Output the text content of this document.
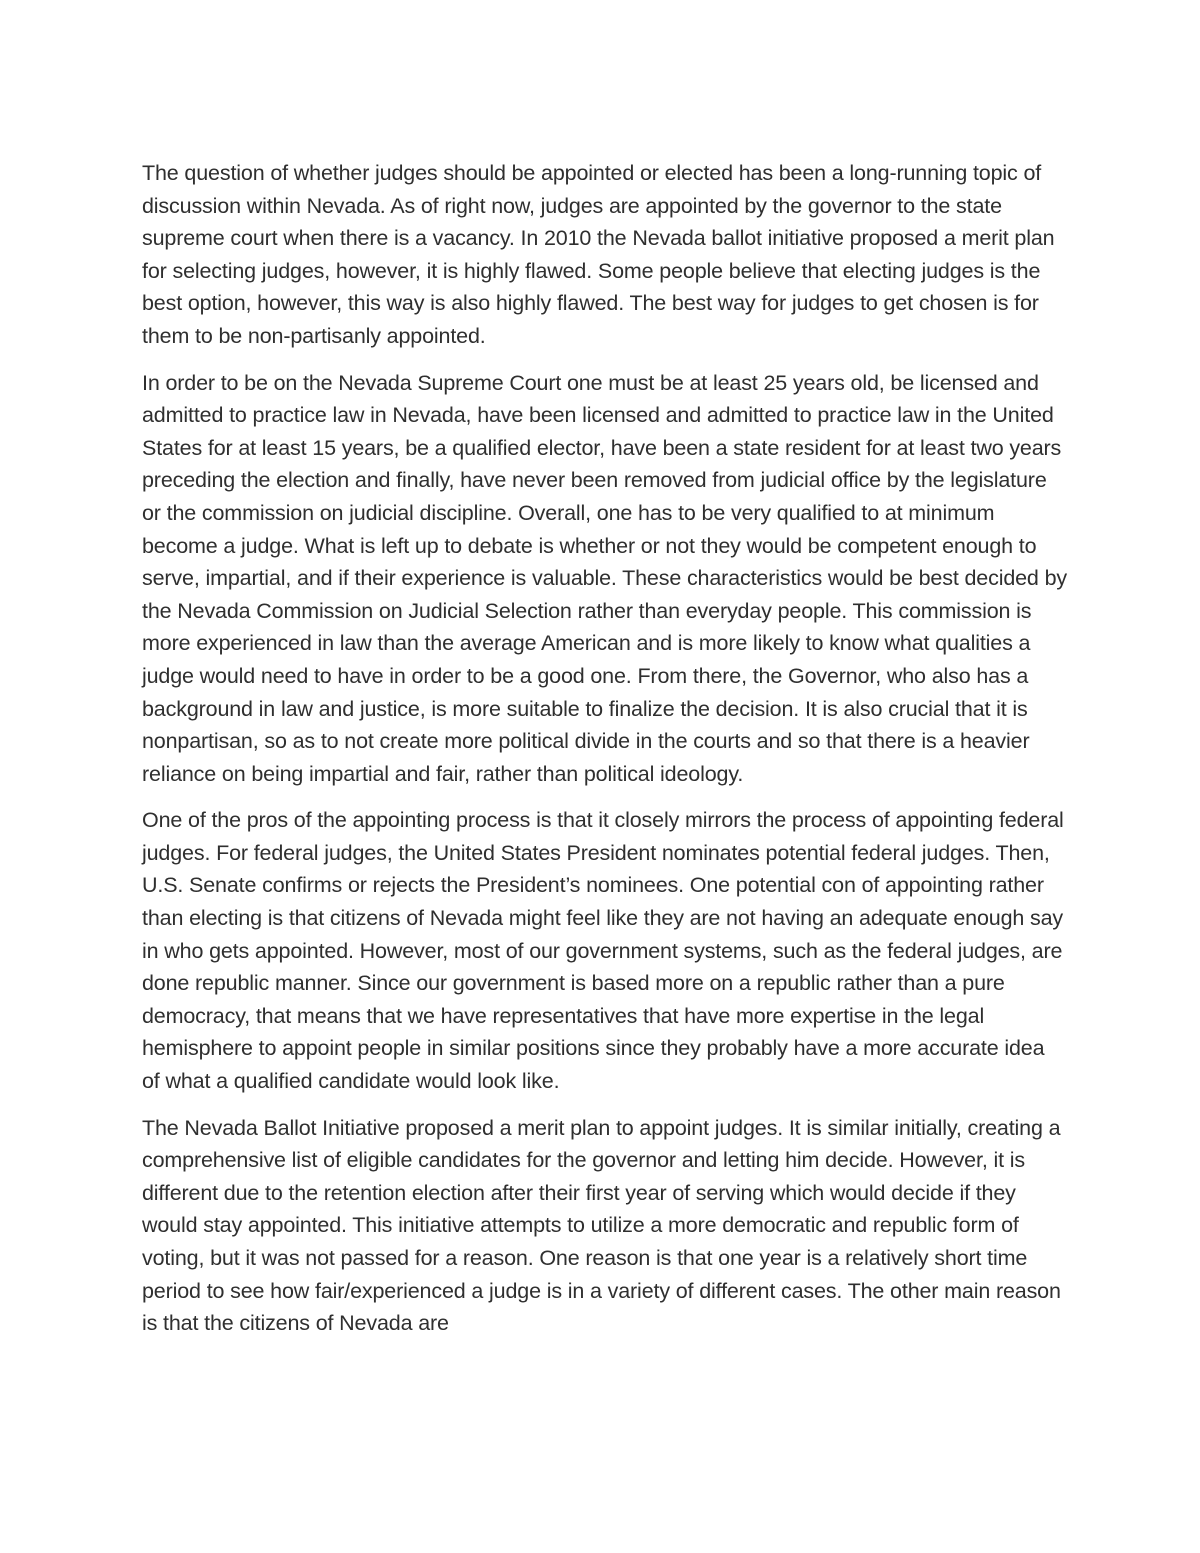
The question of whether judges should be appointed or elected has been a long-running topic of discussion within Nevada. As of right now, judges are appointed by the governor to the state supreme court when there is a vacancy. In 2010 the Nevada ballot initiative proposed a merit plan for selecting judges, however, it is highly flawed. Some people believe that electing judges is the best option, however, this way is also highly flawed. The best way for judges to get chosen is for them to be non-partisanly appointed.

In order to be on the Nevada Supreme Court one must be at least 25 years old, be licensed and admitted to practice law in Nevada, have been licensed and admitted to practice law in the United States for at least 15 years, be a qualified elector, have been a state resident for at least two years preceding the election and finally, have never been removed from judicial office by the legislature or the commission on judicial discipline. Overall, one has to be very qualified to at minimum become a judge. What is left up to debate is whether or not they would be competent enough to serve, impartial, and if their experience is valuable. These characteristics would be best decided by the Nevada Commission on Judicial Selection rather than everyday people. This commission is more experienced in law than the average American and is more likely to know what qualities a judge would need to have in order to be a good one. From there, the Governor, who also has a background in law and justice, is more suitable to finalize the decision. It is also crucial that it is nonpartisan, so as to not create more political divide in the courts and so that there is a heavier reliance on being impartial and fair, rather than political ideology.

One of the pros of the appointing process is that it closely mirrors the process of appointing federal judges. For federal judges, the United States President nominates potential federal judges. Then, U.S. Senate confirms or rejects the President’s nominees. One potential con of appointing rather than electing is that citizens of Nevada might feel like they are not having an adequate enough say in who gets appointed. However, most of our government systems, such as the federal judges, are done republic manner. Since our government is based more on a republic rather than a pure democracy, that means that we have representatives that have more expertise in the legal hemisphere to appoint people in similar positions since they probably have a more accurate idea of what a qualified candidate would look like.

The Nevada Ballot Initiative proposed a merit plan to appoint judges. It is similar initially, creating a comprehensive list of eligible candidates for the governor and letting him decide. However, it is different due to the retention election after their first year of serving which would decide if they would stay appointed. This initiative attempts to utilize a more democratic and republic form of voting, but it was not passed for a reason. One reason is that one year is a relatively short time period to see how fair/experienced a judge is in a variety of different cases. The other main reason is that the citizens of Nevada are
